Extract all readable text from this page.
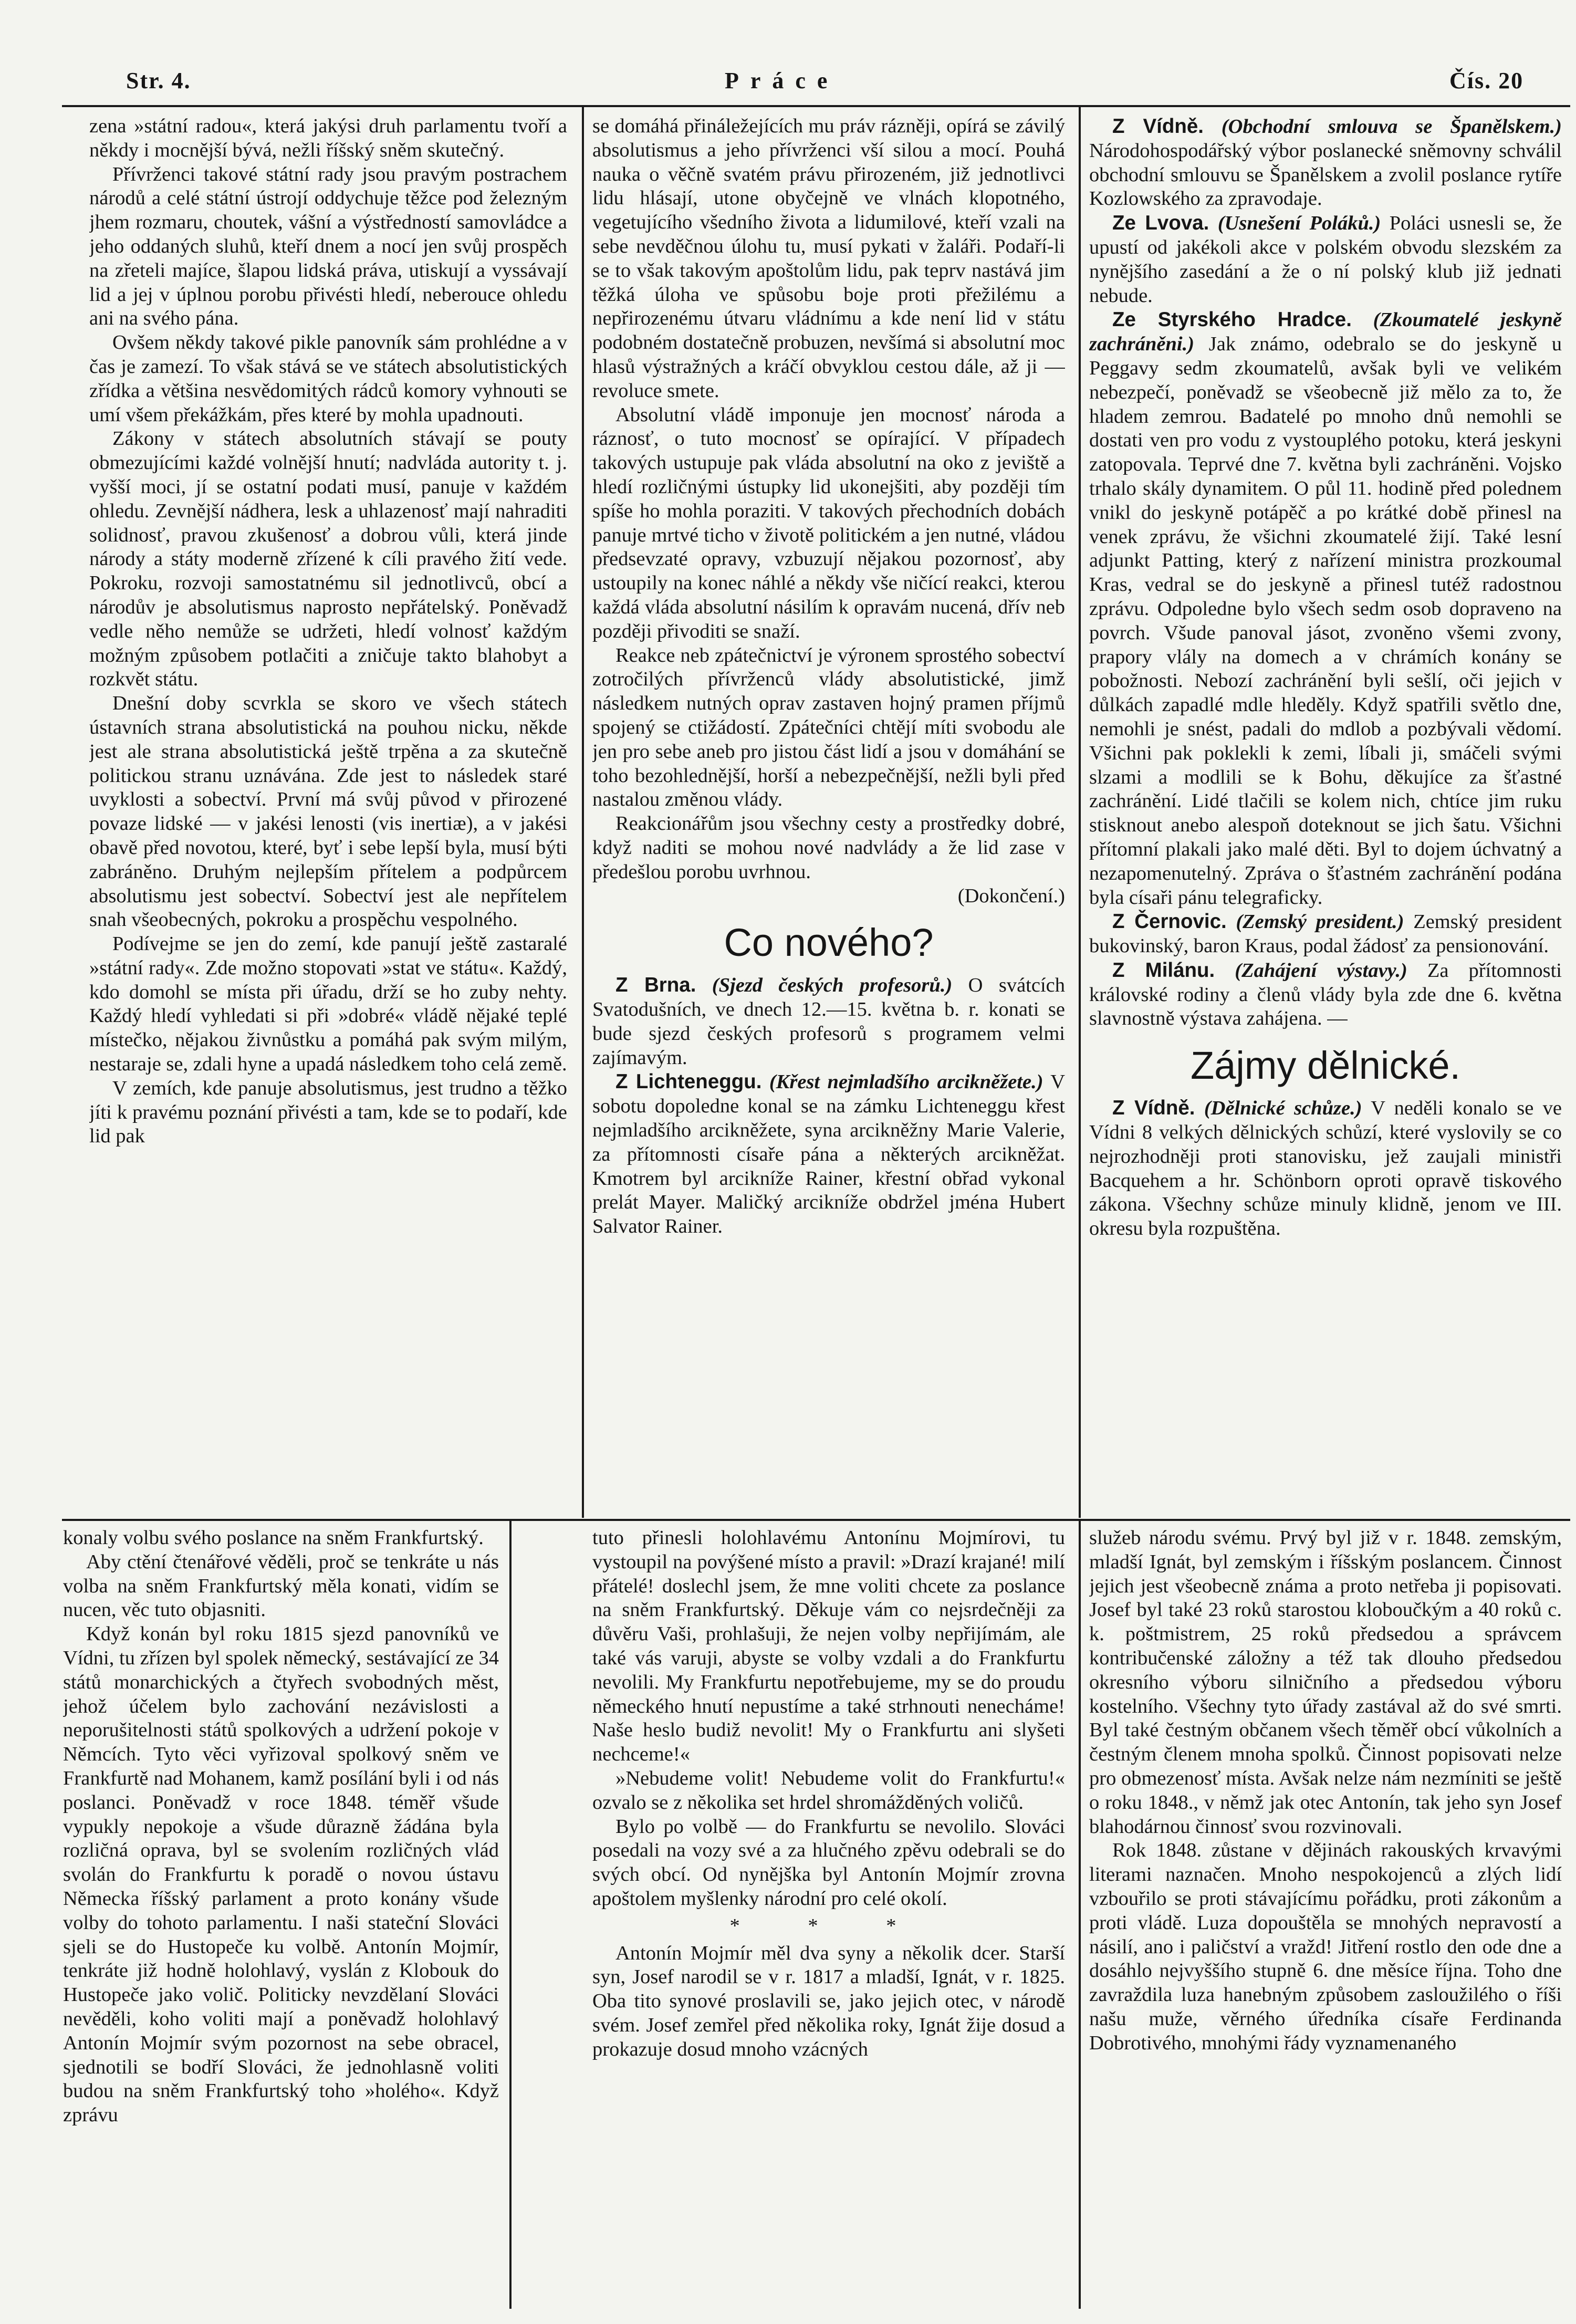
Str. 4.	Práce	Čís. 20

zena »státní radou«, která jakýsi druh parlamentu tvoří a někdy i mocnější bývá, nežli říšský sněm skutečný.

Přívrženci takové státní rady jsou pravým postrachem národů a celé státní ústrojí oddychuje těžce pod železným jhem rozmaru, choutek, vášní a výstředností samovládce a jeho oddaných sluhů, kteří dnem a nocí jen svůj prospěch na zřeteli majíce, šlapou lidská práva, utiskují a vyssávají lid a jej v úplnou porobu přivésti hledí, neberouce ohledu ani na svého pána.

Ovšem někdy takové pikle panovník sám prohlédne a v čas je zamezí. To však stává se ve státech absolutistických zřídka a většina nesvědomitých rádců komory vyhnouti se umí všem překážkám, přes které by mohla upadnouti.

Zákony v státech absolutních stávají se pouty obmezujícími každé volnější hnutí; nadvláda autority t. j. vyšší moci, jí se ostatní podati musí, panuje v každém ohledu. Zevnější nádhera, lesk a uhlazenosť mají nahraditi solidnosť, pravou zkušenosť a dobrou vůli, která jinde národy a státy moderně zřízené k cíli pravého žití vede. Pokroku, rozvoji samostatnému sil jednotlivců, obcí a národův je absolutismus naprosto nepřátelský. Poněvadž vedle něho nemůže se udržeti, hledí volnosť každým možným způsobem potlačiti a zničuje takto blahobyt a rozkvět státu.

Dnešní doby scvrkla se skoro ve všech státech ústavních strana absolutistická na pouhou nicku, někde jest ale strana absolutistická ještě trpěna a za skutečně politickou stranu uznávána. Zde jest to následek staré uvyklosti a sobectví. První má svůj původ v přirozené povaze lidské — v jakési lenosti (vis inertiæ), a v jakési obavě před novotou, které, byť i sebe lepší byla, musí býti zabráněno. Druhým nejlepším přítelem a podpůrcem absolutismu jest sobectví. Sobectví jest ale nepřítelem snah všeobecných, pokroku a prospěchu vespolného.

Podívejme se jen do zemí, kde panují ještě zastaralé »státní rady«. Zde možno stopovati »stat ve státu«. Každý, kdo domohl se místa při úřadu, drží se ho zuby nehty. Každý hledí vyhledati si při »dobré« vládě nějaké teplé místečko, nějakou živnůstku a pomáhá pak svým milým, nestaraje se, zdali hyne a upadá následkem toho celá země.

V zemích, kde panuje absolutismus, jest trudno a těžko jíti k pravému poznání přivésti a tam, kde se to podaří, kde lid pak

se domáhá přináležejících mu práv rázněji, opírá se závilý absolutismus a jeho přívrženci vší silou a mocí. Pouhá nauka o věčně svatém právu přirozeném, již jednotlivci lidu hlásají, utone obyčejně ve vlnách klopotného, vegetujícího všedního života a lidumilové, kteří vzali na sebe nevděčnou úlohu tu, musí pykati v žaláři. Podaří-li se to však takovým apoštolům lidu, pak teprv nastává jim těžká úloha ve spůsobu boje proti přežilému a nepřirozenému útvaru vládnímu a kde není lid v státu podobném dostatečně probuzen, nevšímá si absolutní moc hlasů výstražných a kráčí obvyklou cestou dále, až ji — revoluce smete.

Absolutní vládě imponuje jen mocnosť národa a ráznosť, o tuto mocnosť se opírající. V případech takových ustupuje pak vláda absolutní na oko z jeviště a hledí rozličnými ústupky lid ukonejšiti, aby později tím spíše ho mohla poraziti. V takových přechodních dobách panuje mrtvé ticho v životě politickém a jen nutné, vládou předsevzaté opravy, vzbuzují nějakou pozornosť, aby ustoupily na konec náhlé a někdy vše ničící reakci, kterou každá vláda absolutní násilím k opravám nucená, dřív neb později přivoditi se snaží.

Reakce neb zpátečnictví je výronem sprostého sobectví zotročilých přívrženců vlády absolutistické, jimž následkem nutných oprav zastaven hojný pramen příjmů spojený se ctižádostí. Zpátečníci chtějí míti svobodu ale jen pro sebe aneb pro jistou část lidí a jsou v domáhání se toho bezohlednější, horší a nebezpečnější, nežli byli před nastalou změnou vlády.

Reakcionářům jsou všechny cesty a prostředky dobré, když naditi se mohou nové nadvlády a že lid zase v předešlou porobu uvrhnou.

(Dokončení.)

Co nového?

Z Brna. (Sjezd českých profesorů.) O svátcích Svatodušních, ve dnech 12.—15. května b. r. konati se bude sjezd českých profesorů s programem velmi zajímavým.

Z Lichteneggu. (Křest nejmladšího arcikněžete.) V sobotu dopoledne konal se na zámku Lichteneggu křest nejmladšího arcikněžete, syna arcikněžny Marie Valerie, za přítomnosti císaře pána a některých arcikněžat. Kmotrem byl arcikníže Rainer, křestní obřad vykonal prelát Mayer. Maličký arcikníže obdržel jména Hubert Salvator Rainer.

Z Vídně. (Obchodní smlouva se Španělskem.) Národohospodářský výbor poslanecké sněmovny schválil obchodní smlouvu se Španělskem a zvolil poslance rytíře Kozlowského za zpravodaje.

Ze Lvova. (Usnešení Poláků.) Poláci usnesli se, že upustí od jakékoli akce v polském obvodu slezském za nynějšího zasedání a že o ní polský klub již jednati nebude.

Ze Styrského Hradce. (Zkoumatelé jeskyně zachráněni.) Jak známo, odebralo se do jeskyně u Peggavy sedm zkoumatelů, avšak byli ve velikém nebezpečí, poněvadž se všeobecně již mělo za to, že hladem zemrou. Badatelé po mnoho dnů nemohli se dostati ven pro vodu z vystouplého potoku, která jeskyni zatopovala. Teprvé dne 7. května byli zachráněni. Vojsko trhalo skály dynamitem. O půl 11. hodině před polednem vnikl do jeskyně potápěč a po krátké době přinesl na venek zprávu, že všichni zkoumatelé žijí. Také lesní adjunkt Patting, který z nařízení ministra prozkoumal Kras, vedral se do jeskyně a přinesl tutéž radostnou zprávu. Odpoledne bylo všech sedm osob dopraveno na povrch. Všude panoval jásot, zvoněno všemi zvony, prapory vlály na domech a v chrámích konány se pobožnosti. Nebozí zachránění byli sešlí, oči jejich v důlkách zapadlé mdle hleděly. Když spatřili světlo dne, nemohli je snést, padali do mdlob a pozbývali vědomí. Všichni pak poklekli k zemi, líbali ji, smáčeli svými slzami a modlili se k Bohu, děkujíce za šťastné zachránění. Lidé tlačili se kolem nich, chtíce jim ruku stisknout anebo alespoň doteknout se jich šatu. Všichni přítomní plakali jako malé děti. Byl to dojem úchvatný a nezapomenutelný. Zpráva o šťastném zachránění podána byla císaři pánu telegraficky.

Z Černovic. (Zemský president.) Zemský president bukovinský, baron Kraus, podal žádosť za pensionování.

Z Milánu. (Zahájení výstavy.) Za přítomnosti královské rodiny a členů vlády byla zde dne 6. května slavnostně výstava zahájena. —

Zájmy dělnické.

Z Vídně. (Dělnické schůze.) V neděli konalo se ve Vídni 8 velkých dělnických schůzí, které vyslovily se co nejrozhodněji proti stanovisku, jež zaujali ministři Bacquehem a hr. Schönborn oproti opravě tiskového zákona. Všechny schůze minuly klidně, jenom ve III. okresu byla rozpuštěna.

konaly volbu svého poslance na sněm Frankfurtský.

Aby ctění čtenářové věděli, proč se tenkráte u nás volba na sněm Frankfurtský měla konati, vidím se nucen, věc tuto objasniti.

Když konán byl roku 1815 sjezd panovníků ve Vídni, tu zřízen byl spolek německý, sestávající ze 34 států monarchických a čtyřech svobodných měst, jehož účelem bylo zachování nezávislosti a neporušitelnosti států spolkových a udržení pokoje v Němcích. Tyto věci vyřizoval spolkový sněm ve Frankfurtě nad Mohanem, kamž posílání byli i od nás poslanci. Poněvadž v roce 1848. téměř všude vypukly nepokoje a všude důrazně žádána byla rozličná oprava, byl se svolením rozličných vlád svolán do Frankfurtu k poradě o novou ústavu Německa říšský parlament a proto konány všude volby do tohoto parlamentu. I naši stateční Slováci sjeli se do Hustopeče ku volbě. Antonín Mojmír, tenkráte již hodně holohlavý, vyslán z Klobouk do Hustopeče jako volič. Politicky nevzdělaní Slováci nevěděli, koho voliti mají a poněvadž holohlavý Antonín Mojmír svým pozornost na sebe obracel, sjednotili se bodří Slováci, že jednohlasně voliti budou na sněm Frankfurtský toho »holého«. Když zprávu

tuto přinesli holohlavému Antonínu Mojmírovi, tu vystoupil na povýšené místo a pravil: »Drazí krajané! milí přátelé! doslechl jsem, že mne voliti chcete za poslance na sněm Frankfurtský. Děkuje vám co nejsrdečněji za důvěru Vaši, prohlašuji, že nejen volby nepřijímám, ale také vás varuji, abyste se volby vzdali a do Frankfurtu nevolili. My Frankfurtu nepotřebujeme, my se do proudu německého hnutí nepustíme a také strhnouti nenecháme! Naše heslo budiž nevolit! My o Frankfurtu ani slyšeti nechceme!«

»Nebudeme volit! Nebudeme volit do Frankfurtu!« ozvalo se z několika set hrdel shromážděných voličů.

Bylo po volbě — do Frankfurtu se nevolilo. Slováci posedali na vozy své a za hlučného zpěvu odebrali se do svých obcí. Od nynějška byl Antonín Mojmír zrovna apoštolem myšlenky národní pro celé okolí.

* * *

Antonín Mojmír měl dva syny a několik dcer. Starší syn, Josef narodil se v r. 1817 a mladší, Ignát, v r. 1825. Oba tito synové proslavili se, jako jejich otec, v národě svém. Josef zemřel před několika roky, Ignát žije dosud a prokazuje dosud mnoho vzácných

služeb národu svému. Prvý byl již v r. 1848. zemským, mladší Ignát, byl zemským i říšským poslancem. Činnost jejich jest všeobecně známa a proto netřeba ji popisovati. Josef byl také 23 roků starostou kloboučkým a 40 roků c. k. poštmistrem, 25 roků předsedou a správcem kontribučenské záložny a též tak dlouho předsedou okresního výboru silničního a předsedou výboru kostelního. Všechny tyto úřady zastával až do své smrti. Byl také čestným občanem všech těměř obcí vůkolních a čestným členem mnoha spolků. Činnost popisovati nelze pro obmezenosť místa. Avšak nelze nám nezmíniti se ještě o roku 1848., v němž jak otec Antonín, tak jeho syn Josef blahodárnou činnosť svou rozvinovali.

Rok 1848. zůstane v dějinách rakouských krvavými literami naznačen. Mnoho nespokojenců a zlých lidí vzbouřilo se proti stávajícímu pořádku, proti zákonům a proti vládě. Luza dopouštěla se mnohých nepravostí a násilí, ano i paličství a vražd! Jitření rostlo den ode dne a dosáhlo nejvyššího stupně 6. dne měsíce října. Toho dne zavraždila luza hanebným způsobem zasloužilého o říši našu muže, věrného úředníka císaře Ferdinanda Dobrotivého, mnohými řády vyznamenaného
